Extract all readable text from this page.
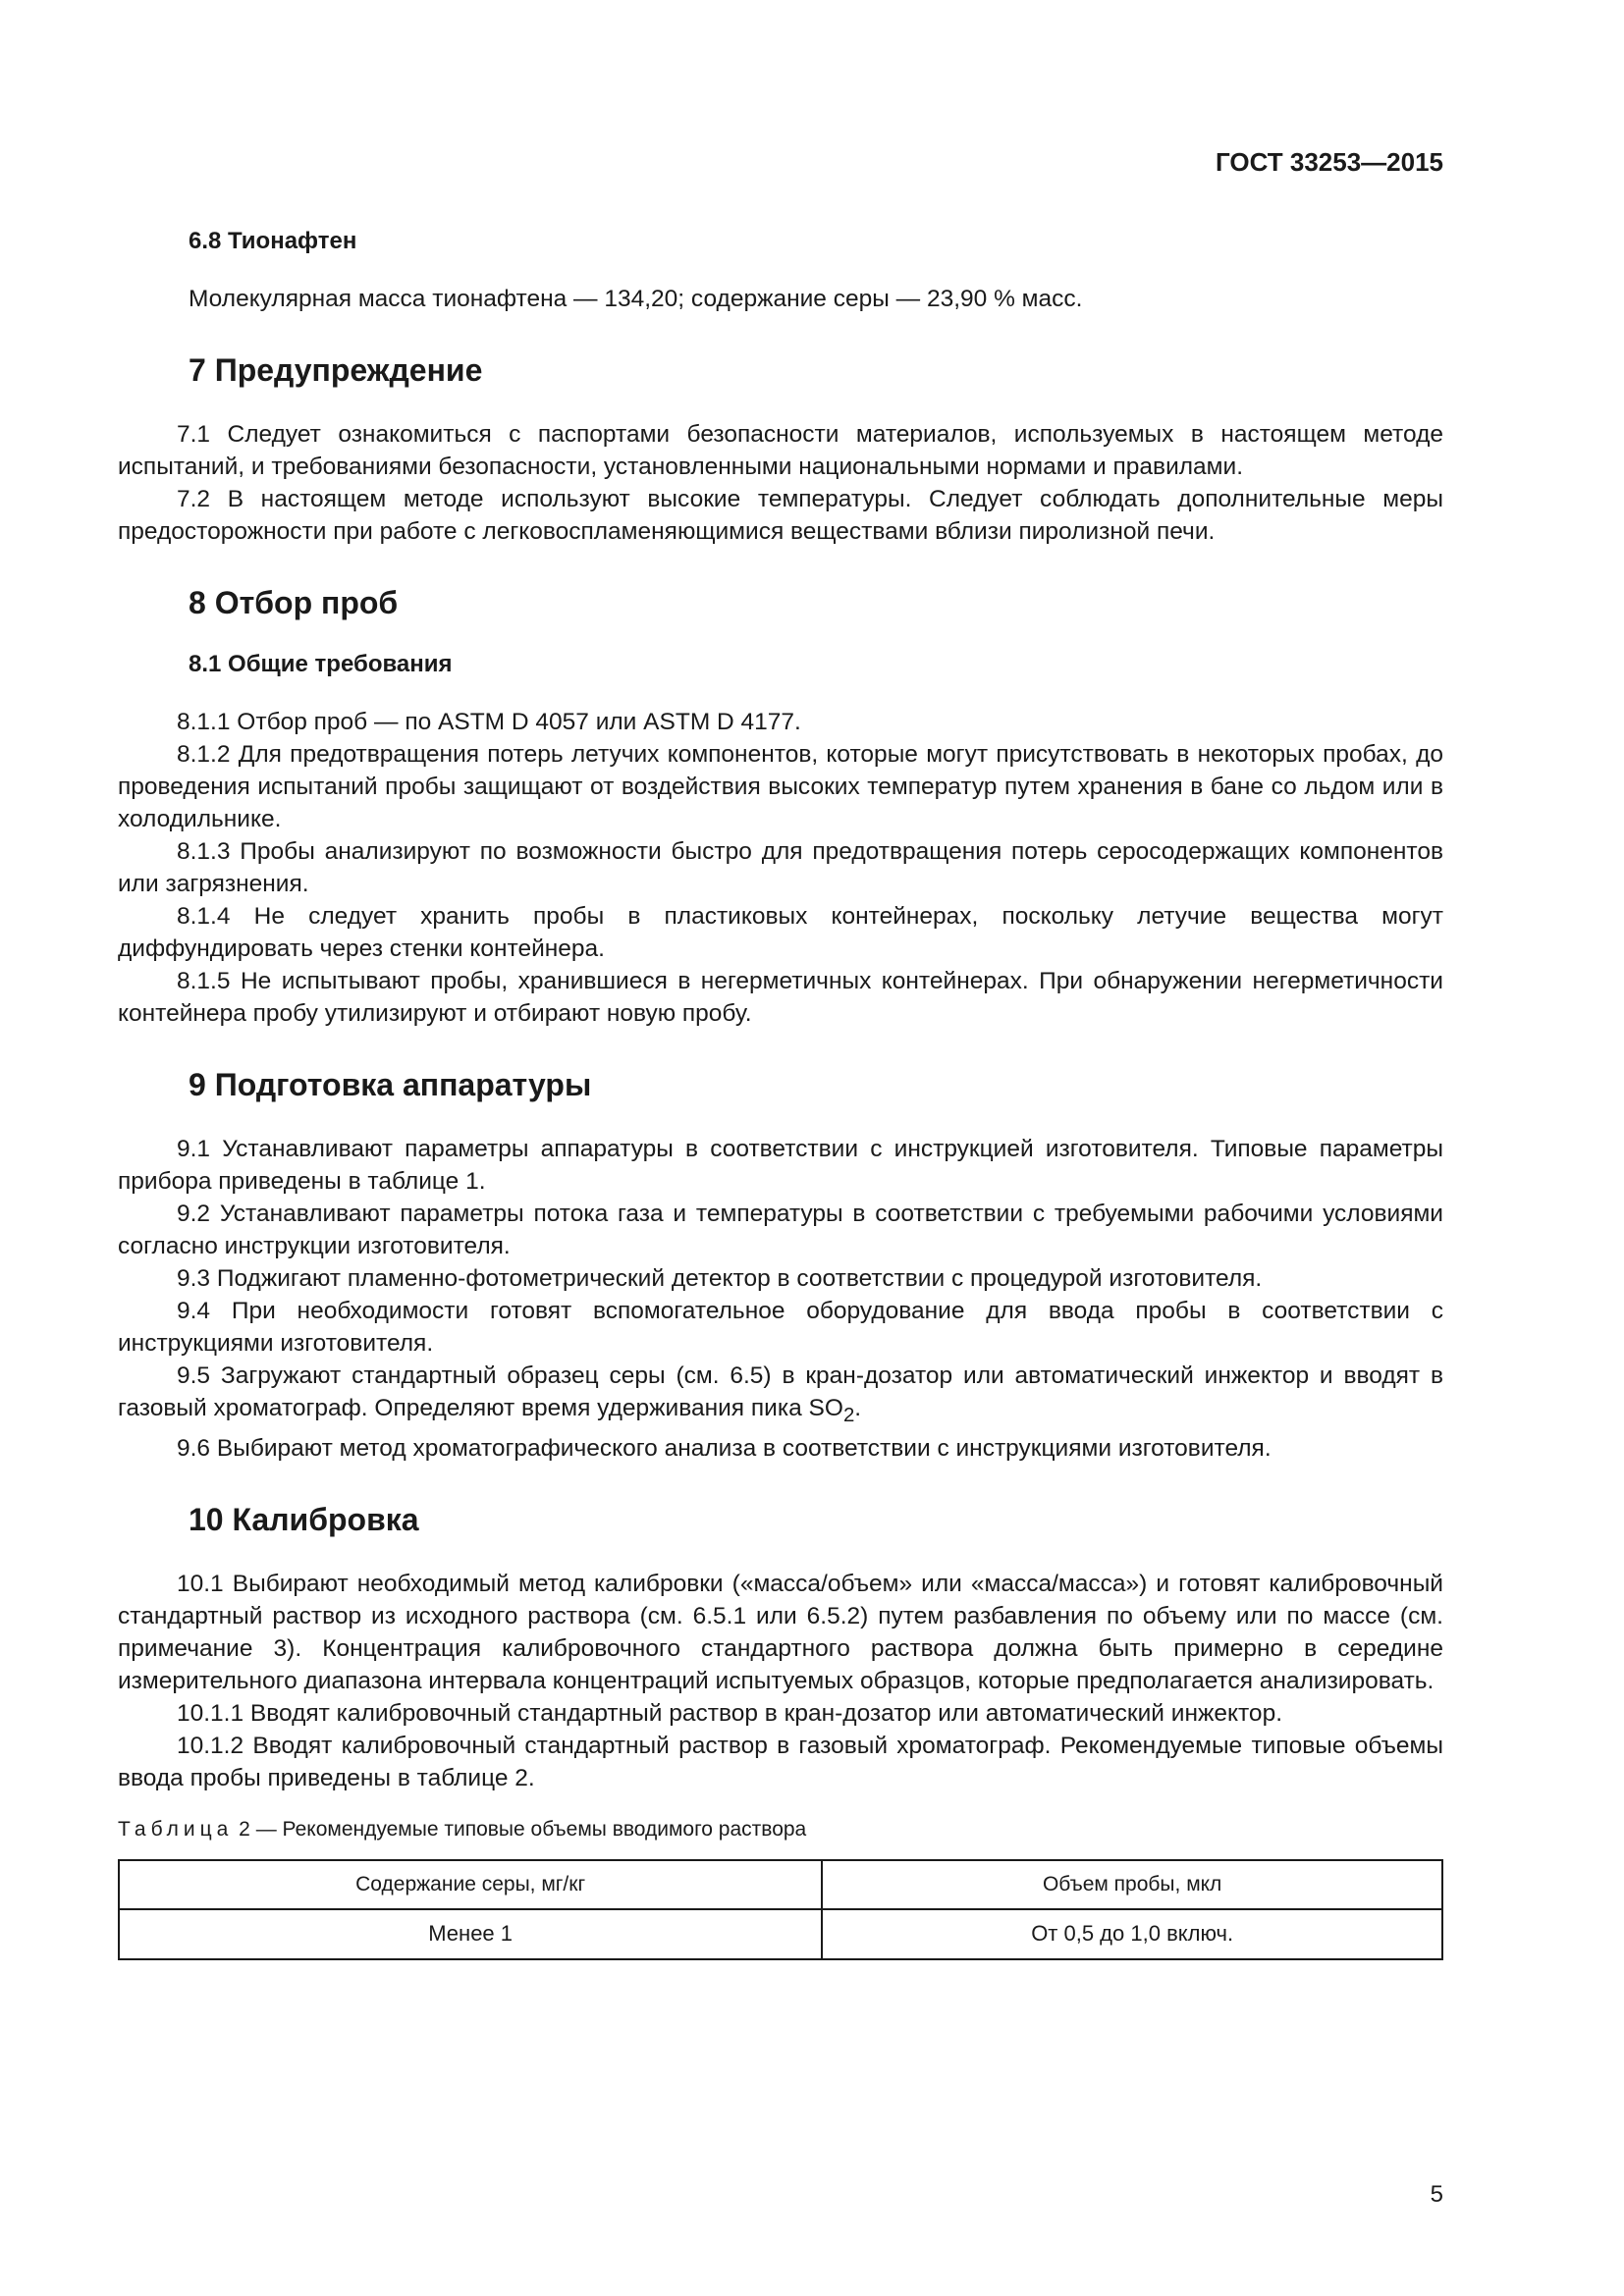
ГОСТ 33253—2015
6.8 Тионафтен

Молекулярная масса тионафтена — 134,20; содержание серы — 23,90 % масс.

7 Предупреждение

7.1 Следует ознакомиться с паспортами безопасности материалов, используемых в настоящем методе испытаний, и требованиями безопасности, установленными национальными нормами и правилами.

7.2 В настоящем методе используют высокие температуры. Следует соблюдать дополнительные меры предосторожности при работе с легковоспламеняющимися веществами вблизи пиролизной печи.

8 Отбор проб
8.1 Общие требования

8.1.1 Отбор проб — по ASTM D 4057 или ASTM D 4177.

8.1.2 Для предотвращения потерь летучих компонентов, которые могут присутствовать в некоторых пробах, до проведения испытаний пробы защищают от воздействия высоких температур путем хранения в бане со льдом или в холодильнике.

8.1.3 Пробы анализируют по возможности быстро для предотвращения потерь серосодержащих компонентов или загрязнения.

8.1.4 Не следует хранить пробы в пластиковых контейнерах, поскольку летучие вещества могут диффундировать через стенки контейнера.

8.1.5 Не испытывают пробы, хранившиеся в негерметичных контейнерах. При обнаружении негерметичности контейнера пробу утилизируют и отбирают новую пробу.

9 Подготовка аппаратуры

9.1 Устанавливают параметры аппаратуры в соответствии с инструкцией изготовителя. Типовые параметры прибора приведены в таблице 1.

9.2 Устанавливают параметры потока газа и температуры в соответствии с требуемыми рабочими условиями согласно инструкции изготовителя.

9.3 Поджигают пламенно-фотометрический детектор в соответствии с процедурой изготовителя.

9.4 При необходимости готовят вспомогательное оборудование для ввода пробы в соответствии с инструкциями изготовителя.

9.5 Загружают стандартный образец серы (см. 6.5) в кран-дозатор или автоматический инжектор и вводят в газовый хроматограф. Определяют время удерживания пика $SO_2$.

9.6 Выбирают метод хроматографического анализа в соответствии с инструкциями изготовителя.

10 Калибровка

10.1 Выбирают необходимый метод калибровки («масса/объем» или «масса/масса») и готовят калибровочный стандартный раствор из исходного раствора (см. 6.5.1 или 6.5.2) путем разбавления по объему или по массе (см. примечание 3). Концентрация калибровочного стандартного раствора должна быть примерно в середине измерительного диапазона интервала концентраций испытуемых образцов, которые предполагается анализировать.

10.1.1 Вводят калибровочный стандартный раствор в кран-дозатор или автоматический инжектор.

10.1.2 Вводят калибровочный стандартный раствор в газовый хроматограф. Рекомендуемые типовые объемы ввода пробы приведены в таблице 2.

Таблица 2 — Рекомендуемые типовые объемы вводимого раствора
Содержание серы, мг/кг	Объем пробы, мкл
Менее 1	От 0,5 до 1,0 включ.
5
